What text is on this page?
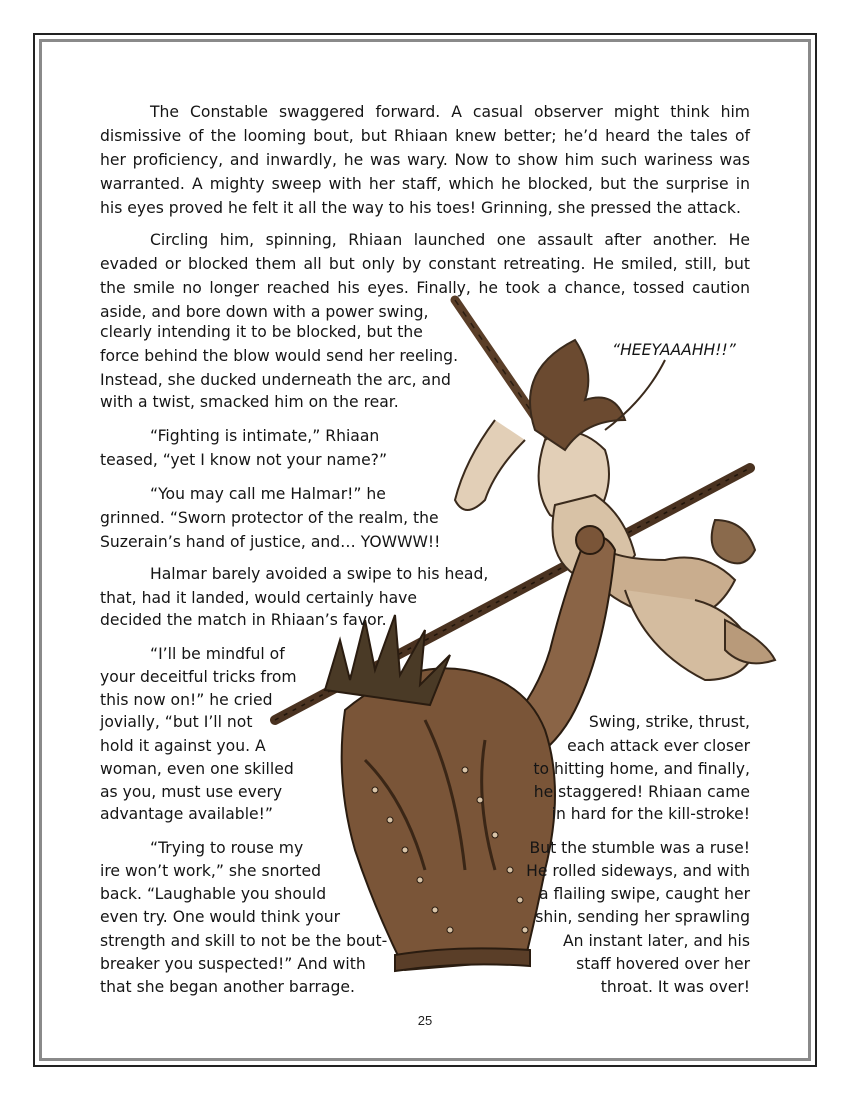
The Constable swaggered forward. A casual observer might think him
dismissive of the looming bout, but Rhiaan knew better; he’d heard the tales of
her proficiency, and inwardly, he was wary. Now to show him such wariness was
warranted. A mighty sweep with her staff, which he blocked, but the surprise in
his eyes proved he felt it all the way to his toes! Grinning, she pressed the attack.
Circling him, spinning, Rhiaan launched one assault after another. He
evaded or blocked them all but only by constant retreating. He smiled, still, but
the smile no longer reached his eyes. Finally, he took a chance, tossed caution
aside, and bore down with a power swing,
clearly intending it to be blocked, but the
force behind the blow would send her reeling.
Instead, she ducked underneath the arc, and
with a twist, smacked him on the rear.
“HEEYAAAHH!!”
“Fighting is intimate,” Rhiaan
teased, “yet I know not your name?”
“You may call me Halmar!” he
grinned. “Sworn protector of the realm, the
Suzerain’s hand of justice, and… YOWWW!!
Halmar barely avoided a swipe to his head,
that, had it landed, would certainly have
decided the match in Rhiaan’s favor.
“I’ll be mindful of
your deceitful tricks from
this now on!” he cried
jovially, “but I’ll not
hold it against you. A
woman, even one skilled
as you, must use every
advantage available!”
Swing, strike, thrust,
each attack ever closer
to hitting home, and finally,
he staggered! Rhiaan came
in hard for the kill-stroke!
“Trying to rouse my
ire won’t work,” she snorted
back. “Laughable you should
even try. One would think your
strength and skill to not be the bout-
breaker you suspected!” And with
that she began another barrage.
But the stumble was a ruse!
He rolled sideways, and with
a flailing swipe, caught her
shin, sending her sprawling
An instant later, and his
staff hovered over her
throat. It was over!
25
